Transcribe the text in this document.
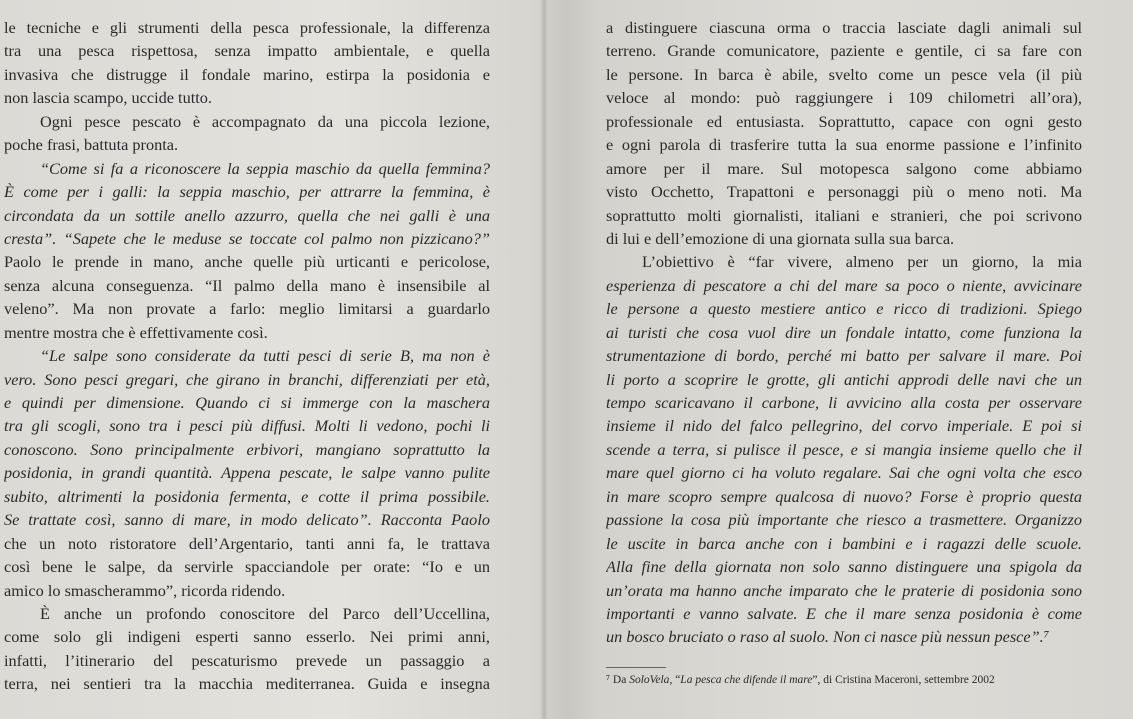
le tecniche e gli strumenti della pesca professionale, la differenza
tra una pesca rispettosa, senza impatto ambientale, e quella
invasiva che distrugge il fondale marino, estirpa la posidonia e
non lascia scampo, uccide tutto.
Ogni pesce pescato è accompagnato da una piccola lezione,
poche frasi, battuta pronta.
“Come si fa a riconoscere la seppia maschio da quella femmina?
È come per i galli: la seppia maschio, per attrarre la femmina, è
circondata da un sottile anello azzurro, quella che nei galli è una
cresta”. “Sapete che le meduse se toccate col palmo non pizzicano?”
Paolo le prende in mano, anche quelle più urticanti e pericolose,
senza alcuna conseguenza. “Il palmo della mano è insensibile al
veleno”. Ma non provate a farlo: meglio limitarsi a guardarlo
mentre mostra che è effettivamente così.
“Le salpe sono considerate da tutti pesci di serie B, ma non è
vero. Sono pesci gregari, che girano in branchi, differenziati per età,
e quindi per dimensione. Quando ci si immerge con la maschera
tra gli scogli, sono tra i pesci più diffusi. Molti li vedono, pochi li
conoscono. Sono principalmente erbivori, mangiano soprattutto la
posidonia, in grandi quantità. Appena pescate, le salpe vanno pulite
subito, altrimenti la posidonia fermenta, e cotte il prima possibile.
Se trattate così, sanno di mare, in modo delicato”. Racconta Paolo
che un noto ristoratore dell’Argentario, tanti anni fa, le trattava
così bene le salpe, da servirle spacciandole per orate: “Io e un
amico lo smascherammo”, ricorda ridendo.
È anche un profondo conoscitore del Parco dell’Uccellina,
come solo gli indigeni esperti sanno esserlo. Nei primi anni,
infatti, l’itinerario del pescaturismo prevede un passaggio a
terra, nei sentieri tra la macchia mediterranea. Guida e insegna
a distinguere ciascuna orma o traccia lasciate dagli animali sul
terreno. Grande comunicatore, paziente e gentile, ci sa fare con
le persone. In barca è abile, svelto come un pesce vela (il più
veloce al mondo: può raggiungere i 109 chilometri all’ora),
professionale ed entusiasta. Soprattutto, capace con ogni gesto
e ogni parola di trasferire tutta la sua enorme passione e l’infinito
amore per il mare. Sul motopesca salgono come abbiamo
visto Occhetto, Trapattoni e personaggi più o meno noti. Ma
soprattutto molti giornalisti, italiani e stranieri, che poi scrivono
di lui e dell’emozione di una giornata sulla sua barca.
L’obiettivo è “far vivere, almeno per un giorno, la mia
esperienza di pescatore a chi del mare sa poco o niente, avvicinare
le persone a questo mestiere antico e ricco di tradizioni. Spiego
ai turisti che cosa vuol dire un fondale intatto, come funziona la
strumentazione di bordo, perché mi batto per salvare il mare. Poi
li porto a scoprire le grotte, gli antichi approdi delle navi che un
tempo scaricavano il carbone, li avvicino alla costa per osservare
insieme il nido del falco pellegrino, del corvo imperiale. E poi si
scende a terra, si pulisce il pesce, e si mangia insieme quello che il
mare quel giorno ci ha voluto regalare. Sai che ogni volta che esco
in mare scopro sempre qualcosa di nuovo? Forse è proprio questa
passione la cosa più importante che riesco a trasmettere. Organizzo
le uscite in barca anche con i bambini e i ragazzi delle scuole.
Alla fine della giornata non solo sanno distinguere una spigola da
un’orata ma hanno anche imparato che le praterie di posidonia sono
importanti e vanno salvate. E che il mare senza posidonia è come
un bosco bruciato o raso al suolo. Non ci nasce più nessun pesce”.⁷
⁷ Da SoloVela, “La pesca che difende il mare”, di Cristina Maceroni, settembre 2002
